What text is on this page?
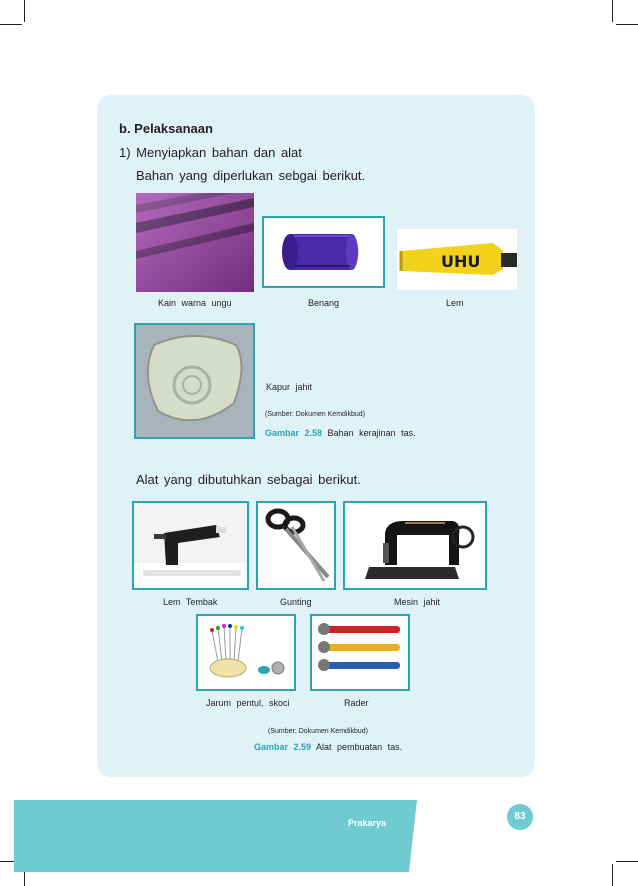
b. Pelaksanaan
1) Menyiapkan bahan dan alat
Bahan yang diperlukan sebgai berikut.
UHU
Kain warna ungu	Benang	Lem
Kapur jahit
(Sumber: Dokumen Kemdikbud)
Gambar 2.58 Bahan kerajinan tas.
Alat yang dibutuhkan sebagai berikut.
Lem Tembak	Gunting	Mesin jahit
Jarum pentul, skoci	Rader
(Sumber: Dokumen Kemdikbud)
Gambar 2.59 Alat pembuatan tas.
Prakarya
83
